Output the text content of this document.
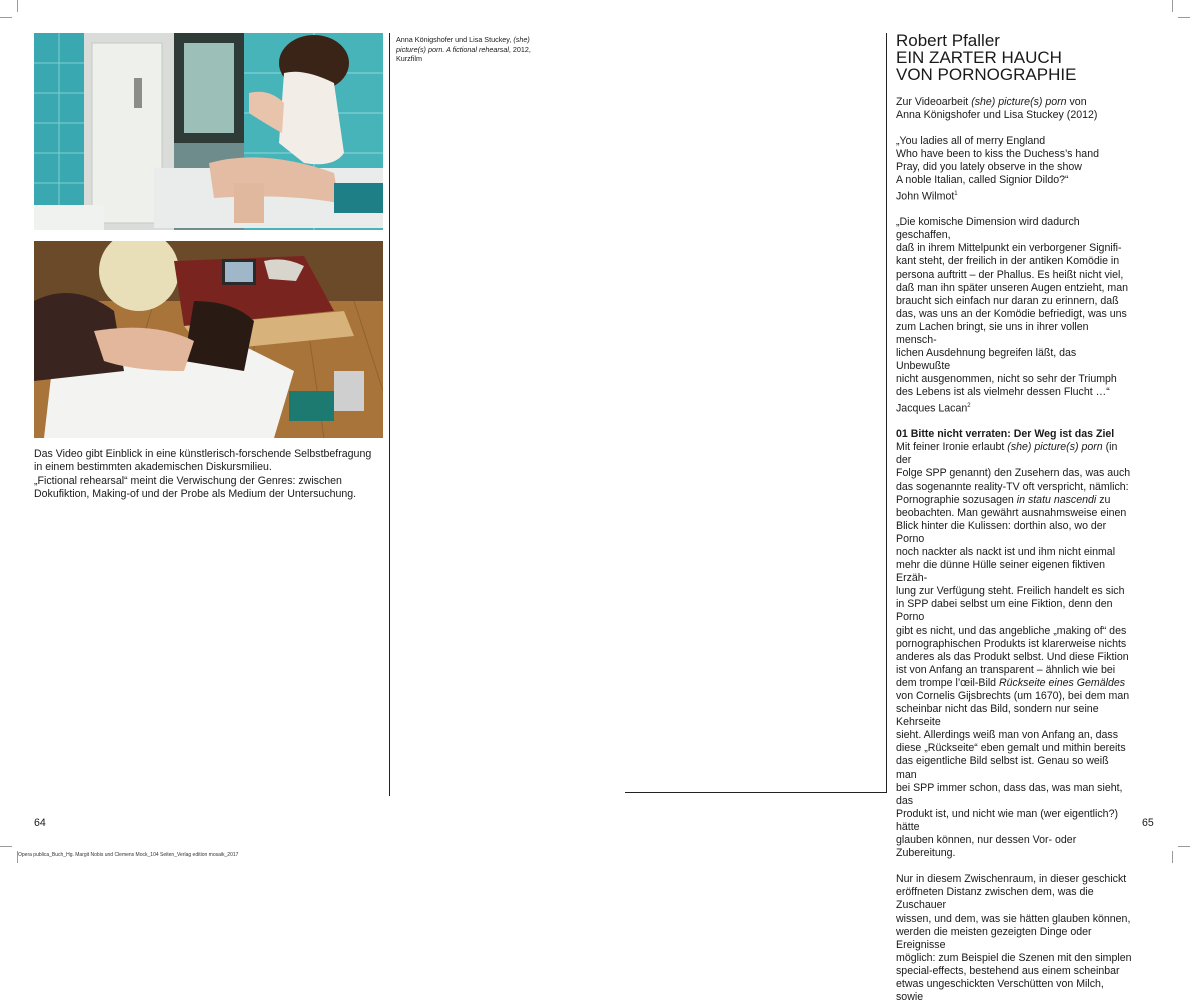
Anna Königshofer und Lisa Stuckey, (she)
picture(s) porn. A fictional rehearsal, 2012,
Kurzfilm
Das Video gibt Einblick in eine künstlerisch-forschende Selbstbefragung
in einem bestimmten akademischen Diskursmilieu.
„Fictional rehearsal“ meint die Verwischung der Genres: zwischen
Dokufiktion, Making-of und der Probe als Medium der Untersuchung.
Robert Pfaller
EIN ZARTER HAUCH
VON PORNOGRAPHIE

Zur Videoarbeit (she) picture(s) porn von

Anna Königshofer und Lisa Stuckey (2012)

„You ladies all of merry England

Who have been to kiss the Duchess’s hand

Pray, did you lately observe in the show

A noble Italian, called Signior Dildo?“

John Wilmot$^1$

„Die komische Dimension wird dadurch geschaffen,

daß in ihrem Mittelpunkt ein verborgener Signifi-

kant steht, der freilich in der antiken Komödie in

persona auftritt – der Phallus. Es heißt nicht viel,

daß man ihn später unseren Augen entzieht, man

braucht sich einfach nur daran zu erinnern, daß

das, was uns an der Komödie befriedigt, was uns

zum Lachen bringt, sie uns in ihrer vollen mensch-

lichen Ausdehnung begreifen läßt, das Unbewußte

nicht ausgenommen, nicht so sehr der Triumph

des Lebens ist als vielmehr dessen Flucht …“

Jacques Lacan$^2$

01 Bitte nicht verraten: Der Weg ist das Ziel

Mit feiner Ironie erlaubt (she) picture(s) porn (in der

Folge SPP genannt) den Zusehern das, was auch

das sogenannte reality-TV oft verspricht, nämlich:

Pornographie sozusagen in statu nascendi zu

beobachten. Man gewährt ausnahmsweise einen

Blick hinter die Kulissen: dorthin also, wo der Porno

noch nackter als nackt ist und ihm nicht einmal

mehr die dünne Hülle seiner eigenen fiktiven Erzäh-

lung zur Verfügung steht. Freilich handelt es sich

in SPP dabei selbst um eine Fiktion, denn den Porno

gibt es nicht, und das angebliche „making of“ des

pornographischen Produkts ist klarerweise nichts

anderes als das Produkt selbst. Und diese Fiktion

ist von Anfang an transparent – ähnlich wie bei

dem trompe l’œil-Bild Rückseite eines Gemäldes

von Cornelis Gijsbrechts (um 1670), bei dem man

scheinbar nicht das Bild, sondern nur seine Kehrseite

sieht. Allerdings weiß man von Anfang an, dass

diese „Rückseite“ eben gemalt und mithin bereits

das eigentliche Bild selbst ist. Genau so weiß man

bei SPP immer schon, dass das, was man sieht, das

Produkt ist, und nicht wie man (wer eigentlich?) hätte

glauben können, nur dessen Vor- oder Zubereitung.

Nur in diesem Zwischenraum, in dieser geschickt

eröffneten Distanz zwischen dem, was die Zuschauer

wissen, und dem, was sie hätten glauben können,

werden die meisten gezeigten Dinge oder Ereignisse

möglich: zum Beispiel die Szenen mit den simplen

special-effects, bestehend aus einem scheinbar

etwas ungeschickten Verschütten von Milch, sowie

64	65
Opera publica_Buch_Hg. Margit Nobis und Clemens Mock_104 Seiten_Verlag edition mosaik_2017
